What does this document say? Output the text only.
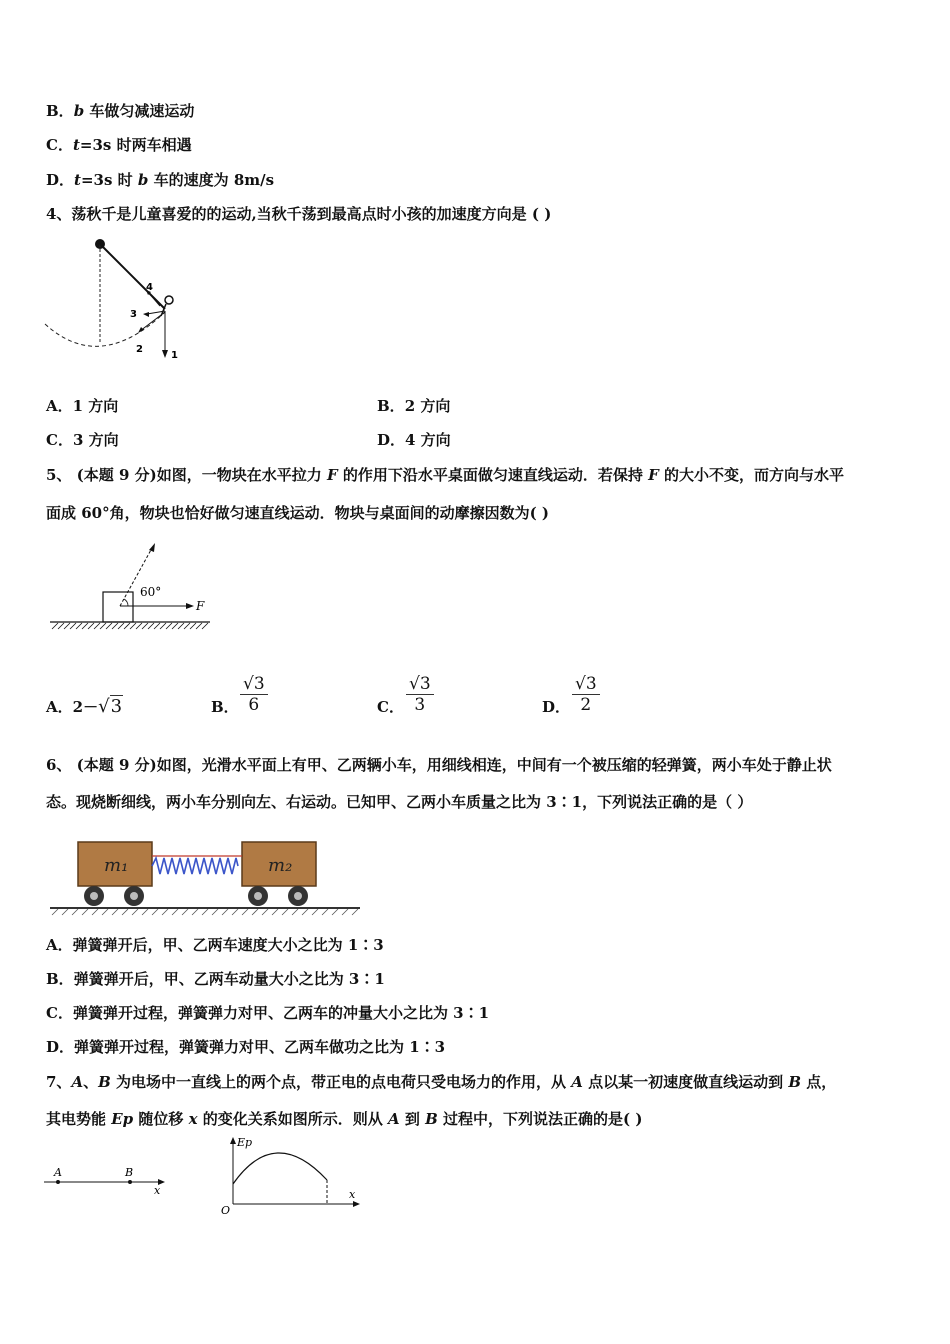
B．b 车做匀减速运动
C．t=3s 时两车相遇
D．t=3s 时 b 车的速度为 8m/s
4、荡秋千是儿童喜爱的的运动,当秋千荡到最高点时小孩的加速度方向是 ( )
4
3
2
1
A．1 方向	B．2 方向
C．3 方向	D．4 方向
5、 (本题 9 分)如图，一物块在水平拉力 F 的作用下沿水平桌面做匀速直线运动．若保持 F 的大小不变，而方向与水平
面成 60°角，物块也恰好做匀速直线运动．物块与桌面间的动摩擦因数为( )
60°
F
A．2－√3	B． $\frac{√3}{6}$	C． $\frac{√3}{3}$	D． $\frac{√3}{2}$
6、 (本题 9 分)如图，光滑水平面上有甲、乙两辆小车，用细线相连，中间有一个被压缩的轻弹簧，两小车处于静止状
态。现烧断细线，两小车分别向左、右运动。已知甲、乙两小车质量之比为 3∶1，下列说法正确的是（ ）
m₁	m₂
A．弹簧弹开后，甲、乙两车速度大小之比为 1∶3
B．弹簧弹开后，甲、乙两车动量大小之比为 3∶1
C．弹簧弹开过程，弹簧弹力对甲、乙两车的冲量大小之比为 3∶1
D．弹簧弹开过程，弹簧弹力对甲、乙两车做功之比为 1∶3
7、A、B 为电场中一直线上的两个点，带正电的点电荷只受电场力的作用，从 A 点以某一初速度做直线运动到 B 点，
其电势能 Ep 随位移 x 的变化关系如图所示．则从 A 到 B 过程中，下列说法正确的是( )
A	B
x
Ep
O
x
